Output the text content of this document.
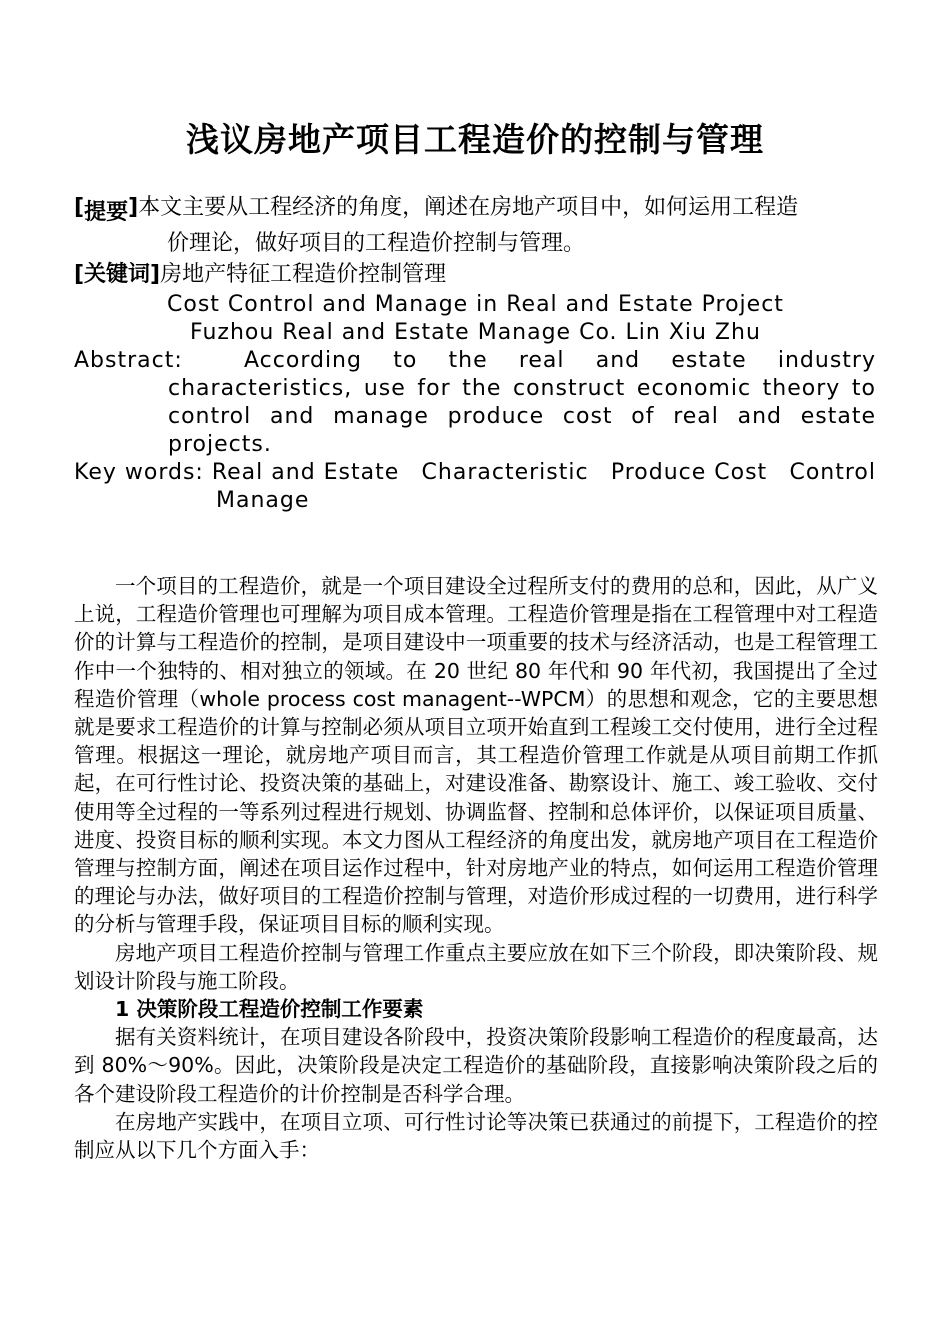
浅议房地产项目工程造价的控制与管理
[提要]本文主要从工程经济的角度，阐述在房地产项目中，如何运用工程造
价理论，做好项目的工程造价控制与管理。
[关键词]房地产特征工程造价控制管理
Cost Control and Manage in Real and Estate Project
Fuzhou Real and Estate Manage Co. Lin Xiu Zhu
Abstract:	According to the real and estate industry
characteristics, use for the construct economic theory to
control and manage produce cost of real and estate
projects.
Key words: Real and Estate Characteristic Produce Cost Control
Manage

一个项目的工程造价，就是一个项目建设全过程所支付的费用的总和，因此，从广义上说，工程造价管理也可理解为项目成本管理。工程造价管理是指在工程管理中对工程造价的计算与工程造价的控制，是项目建设中一项重要的技术与经济活动，也是工程管理工作中一个独特的、相对独立的领域。在 20 世纪 80 年代和 90 年代初，我国提出了全过程造价管理（whole process cost managent--WPCM）的思想和观念，它的主要思想就是要求工程造价的计算与控制必须从项目立项开始直到工程竣工交付使用，进行全过程管理。根据这一理论，就房地产项目而言，其工程造价管理工作就是从项目前期工作抓起，在可行性讨论、投资决策的基础上，对建设准备、勘察设计、施工、竣工验收、交付使用等全过程的一等系列过程进行规划、协调监督、控制和总体评价，以保证项目质量、进度、投资目标的顺利实现。本文力图从工程经济的角度出发，就房地产项目在工程造价管理与控制方面，阐述在项目运作过程中，针对房地产业的特点，如何运用工程造价管理的理论与办法，做好项目的工程造价控制与管理，对造价形成过程的一切费用，进行科学的分析与管理手段，保证项目目标的顺利实现。

房地产项目工程造价控制与管理工作重点主要应放在如下三个阶段，即决策阶段、规划设计阶段与施工阶段。

1 决策阶段工程造价控制工作要素

据有关资料统计，在项目建设各阶段中，投资决策阶段影响工程造价的程度最高，达到 80%～90%。因此，决策阶段是决定工程造价的基础阶段，直接影响决策阶段之后的各个建设阶段工程造价的计价控制是否科学合理。

在房地产实践中，在项目立项、可行性讨论等决策已获通过的前提下，工程造价的控制应从以下几个方面入手：
